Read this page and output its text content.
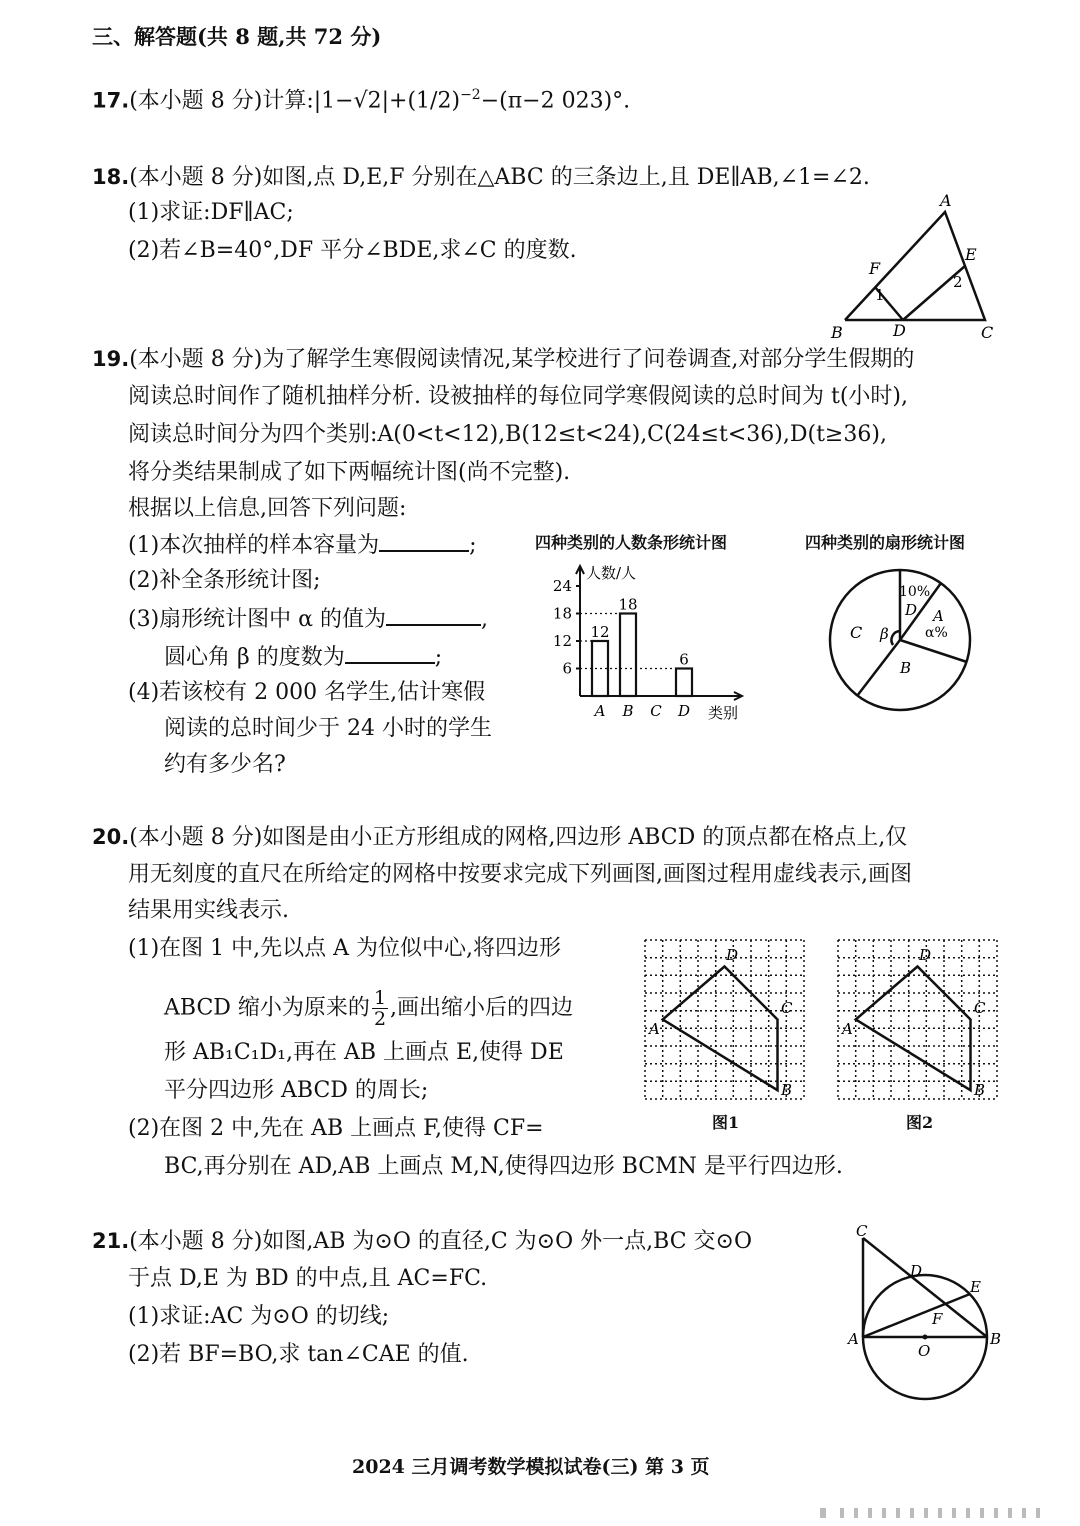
三、解答题(共 8 题,共 72 分)
17.(本小题 8 分)计算$:|1-√2|+(1/2)^{-2}-(\pi-2$ 023)°.
18.(本小题 8 分)如图,点 D,E,F 分别在△ABC 的三条边上,且 DE∥AB,∠1=∠2.
(1)求证:DF∥AC;
(2)若∠B=40°,DF 平分∠BDE,求∠C 的度数.
A
B	C
D
E
F
1
2
19.(本小题 8 分)为了解学生寒假阅读情况,某学校进行了问卷调查,对部分学生假期的
阅读总时间作了随机抽样分析. 设被抽样的每位同学寒假阅读的总时间为 t(小时),
阅读总时间分为四个类别:A(0<t<12),B(12≤t<24),C(24≤t<36),D(t≥36),
将分类结果制成了如下两幅统计图(尚不完整).
根据以上信息,回答下列问题:
(1)本次抽样的样本容量为	;
(2)补全条形统计图;
(3)扇形统计图中 α 的值为	,
圆心角 β 的度数为	;
(4)若该校有 2 000 名学生,估计寒假
阅读的总时间少于 24 小时的学生
约有多少名?
四种类别的人数条形统计图
6
12
18
24
人数/人
12
A
18
B C
6
D 类别
四种类别的扇形统计图
10%
D A
α%
C β
B
20.(本小题 8 分)如图是由小正方形组成的网格,四边形 ABCD 的顶点都在格点上,仅
用无刻度的直尺在所给定的网格中按要求完成下列画图,画图过程用虚线表示,画图
结果用实线表示.
(1)在图 1 中,先以点 A 为位似中心,将四边形
ABCD 缩小为原来的 $\frac{1}{2}$ ,画出缩小后的四边
形 AB₁C₁D₁,再在 AB 上画点 E,使得 DE
平分四边形 ABCD 的周长;
(2)在图 2 中,先在 AB 上画点 F,使得 CF=
BC,再分别在 AD,AB 上画点 M,N,使得四边形 BCMN 是平行四边形.
D
C
A
B
图1
D
C
A
B
图2
21.(本小题 8 分)如图,AB 为⊙O 的直径,C 为⊙O 外一点,BC 交⊙O
于点 D,E 为 BD 的中点,且 AC=FC.
(1)求证:AC 为⊙O 的切线;
(2)若 BF=BO,求 tan∠CAE 的值.
C
D
E
F
A	B
O
2024 三月调考数学模拟试卷(三) 第 3 页
